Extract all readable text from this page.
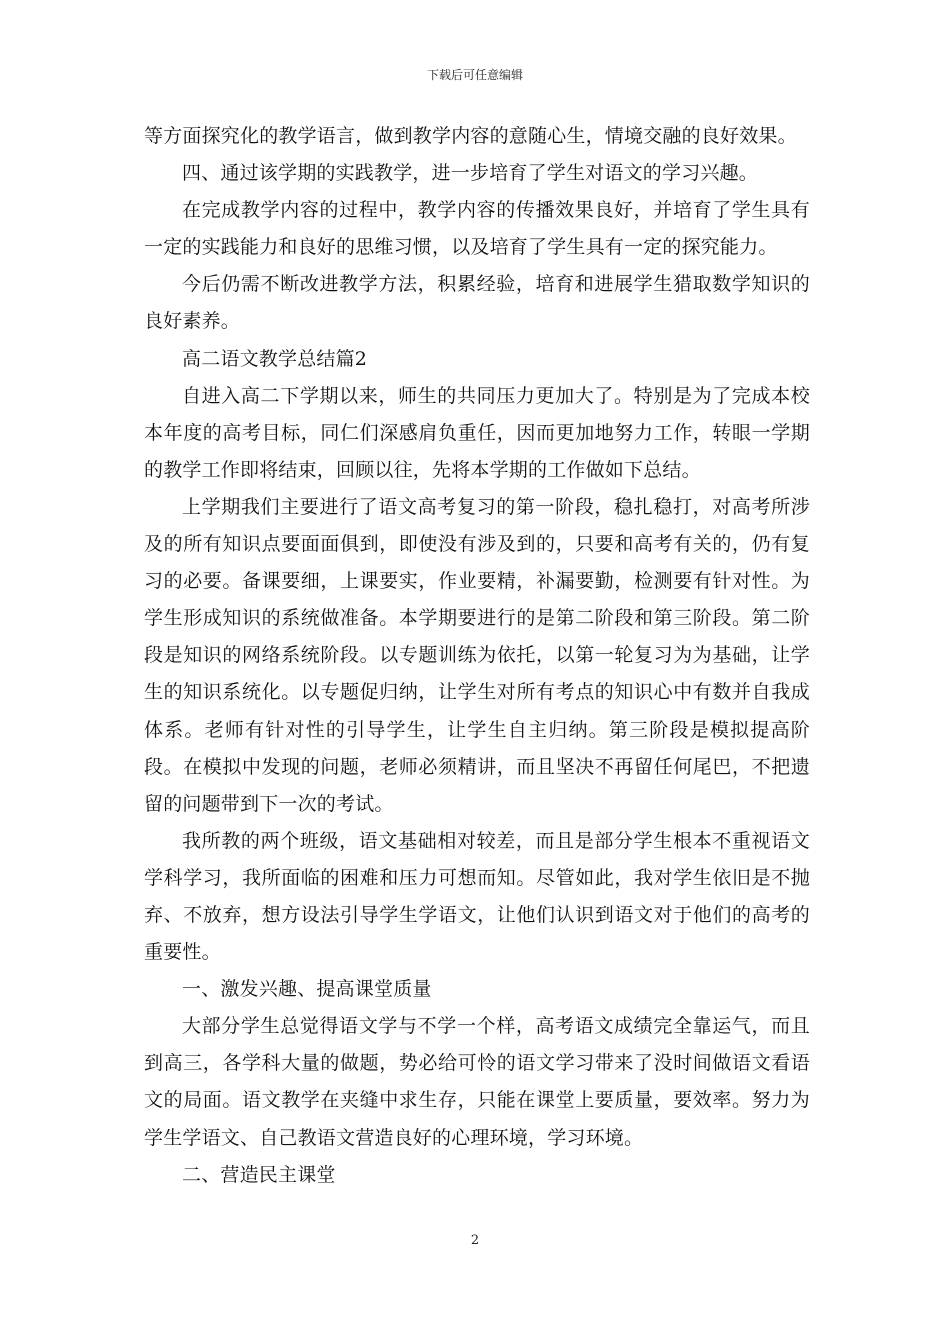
下载后可任意编辑

等方面探究化的教学语言，做到教学内容的意随心生，情境交融的良好效果。

四、通过该学期的实践教学，进一步培育了学生对语文的学习兴趣。

在完成教学内容的过程中，教学内容的传播效果良好，并培育了学生具有一定的实践能力和良好的思维习惯，以及培育了学生具有一定的探究能力。

今后仍需不断改进教学方法，积累经验，培育和进展学生猎取数学知识的良好素养。

高二语文教学总结篇2

自进入高二下学期以来，师生的共同压力更加大了。特别是为了完成本校本年度的高考目标，同仁们深感肩负重任，因而更加地努力工作，转眼一学期的教学工作即将结束，回顾以往，先将本学期的工作做如下总结。

上学期我们主要进行了语文高考复习的第一阶段，稳扎稳打，对高考所涉及的所有知识点要面面俱到，即使没有涉及到的，只要和高考有关的，仍有复习的必要。备课要细，上课要实，作业要精，补漏要勤，检测要有针对性。为学生形成知识的系统做准备。本学期要进行的是第二阶段和第三阶段。第二阶段是知识的网络系统阶段。以专题训练为依托，以第一轮复习为为基础，让学生的知识系统化。以专题促归纳，让学生对所有考点的知识心中有数并自我成体系。老师有针对性的引导学生，让学生自主归纳。第三阶段是模拟提高阶段。在模拟中发现的问题，老师必须精讲，而且坚决不再留任何尾巴，不把遗留的问题带到下一次的考试。

我所教的两个班级，语文基础相对较差，而且是部分学生根本不重视语文学科学习，我所面临的困难和压力可想而知。尽管如此，我对学生依旧是不抛弃、不放弃，想方设法引导学生学语文，让他们认识到语文对于他们的高考的重要性。

一、激发兴趣、提高课堂质量

大部分学生总觉得语文学与不学一个样，高考语文成绩完全靠运气，而且到高三，各学科大量的做题，势必给可怜的语文学习带来了没时间做语文看语文的局面。语文教学在夹缝中求生存，只能在课堂上要质量，要效率。努力为学生学语文、自己教语文营造良好的心理环境，学习环境。

二、营造民主课堂

2
